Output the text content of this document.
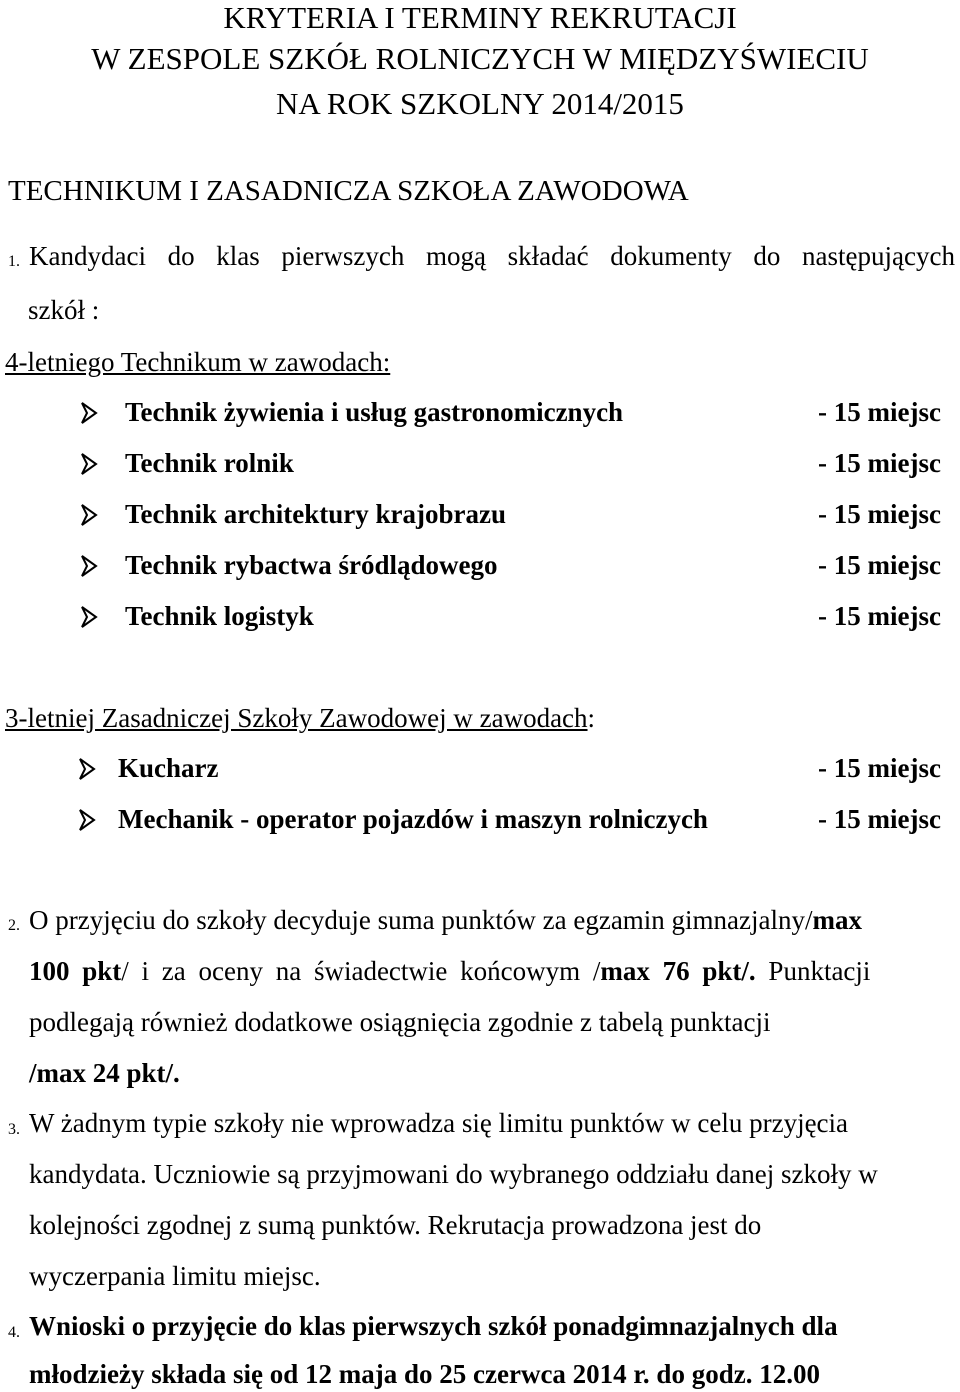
KRYTERIA I TERMINY REKRUTACJI
W ZESPOLE SZKÓŁ ROLNICZYCH W MIĘDZYŚWIECIU
NA ROK SZKOLNY 2014/2015
TECHNIKUM I ZASADNICZA SZKOŁA ZAWODOWA
1. Kandydaci do klas pierwszych mogą składać dokumenty do następujących
szkół :
4-letniego Technikum w zawodach:
Technik żywienia i usług gastronomicznych	- 15 miejsc
Technik rolnik	- 15 miejsc
Technik architektury krajobrazu	- 15 miejsc
Technik rybactwa śródlądowego	- 15 miejsc
Technik logistyk	- 15 miejsc
3-letniej Zasadniczej Szkoły Zawodowej w zawodach:
Kucharz	- 15 miejsc
Mechanik - operator pojazdów i maszyn rolniczych	- 15 miejsc
2. O przyjęciu do szkoły decyduje suma punktów za egzamin gimnazjalny/max
100 pkt/ i za oceny na świadectwie końcowym /max 76 pkt/. Punktacji
podlegają również dodatkowe osiągnięcia zgodnie z tabelą punktacji
/max 24 pkt/.
3. W żadnym typie szkoły nie wprowadza się limitu punktów w celu przyjęcia
kandydata. Uczniowie są przyjmowani do wybranego oddziału danej szkoły w
kolejności zgodnej z sumą punktów. Rekrutacja prowadzona jest do
wyczerpania limitu miejsc.
4. Wnioski o przyjęcie do klas pierwszych szkół ponadgimnazjalnych dla
młodzieży składa się od 12 maja do 25 czerwca 2014 r. do godz. 12.00
